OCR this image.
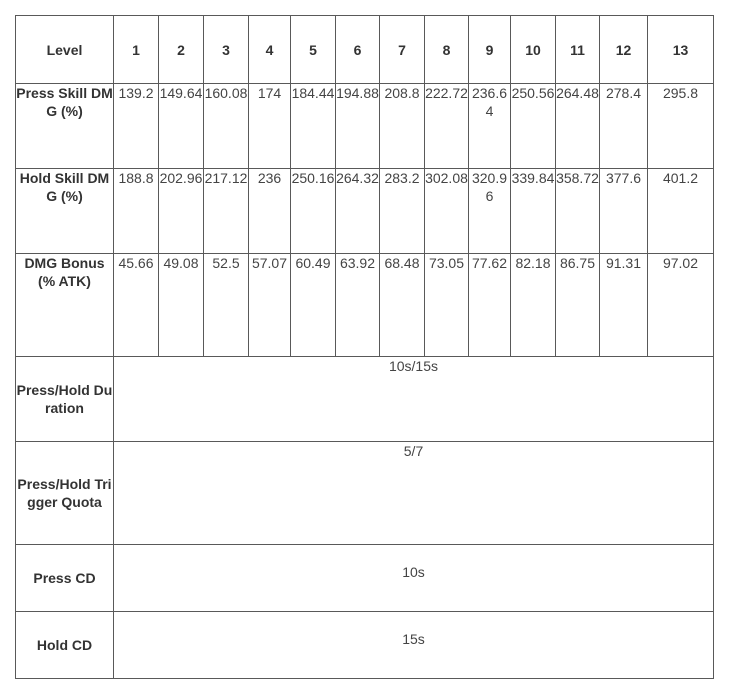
Level	1	2	3	4	5	6	7	8	9	10	11	12	13
Press Skill DMG (%)	139.2	149.64	160.08	174	184.44	194.88	208.8	222.72	236.64	250.56	264.48	278.4	295.8
Hold Skill DMG (%)	188.8	202.96	217.12	236	250.16	264.32	283.2	302.08	320.96	339.84	358.72	377.6	401.2
DMG Bonus (% ATK)	45.66	49.08	52.5	57.07	60.49	63.92	68.48	73.05	77.62	82.18	86.75	91.31	97.02
Press/Hold Duration	10s/15s												
Press/Hold Trigger Quota	5/7												
Press CD	10s												
Hold CD	15s												
